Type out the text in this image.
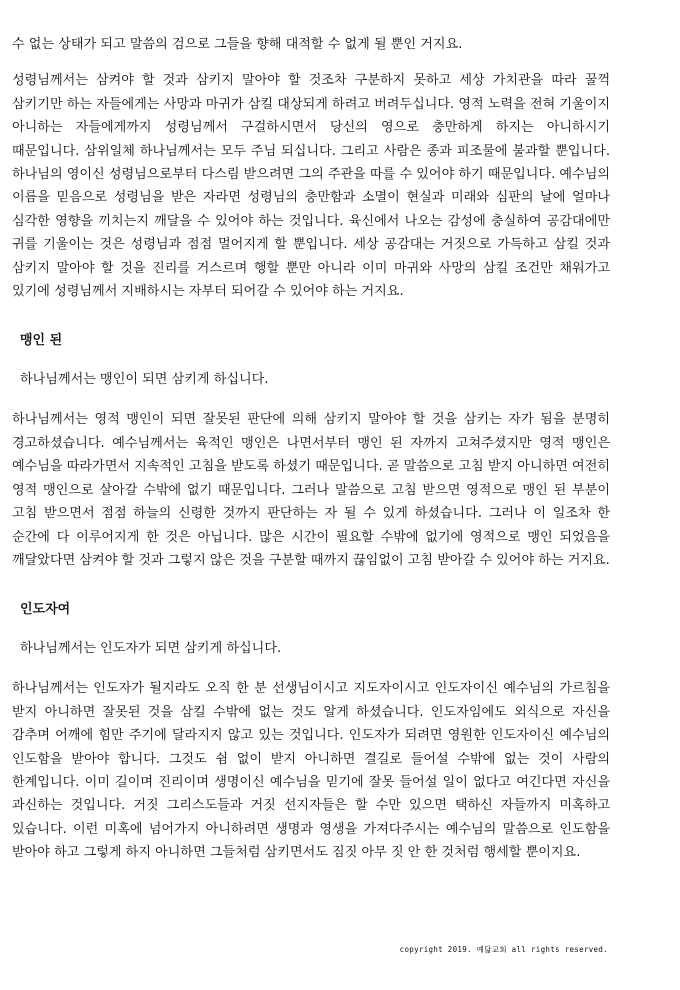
수 없는 상태가 되고 말씀의 검으로 그들을 향해 대적할 수 없게 될 뿐인 거지요.

성령님께서는 삼켜야 할 것과 삼키지 말아야 할 것조차 구분하지 못하고 세상 가치관을 따라 꿀꺽 삼키기만 하는 자들에게는 사망과 마귀가 삼킬 대상되게 하려고 버려두십니다. 영적 노력을 전혀 기울이지 아니하는 자들에게까지 성령님께서 구걸하시면서 당신의 영으로 충만하게 하지는 아니하시기 때문입니다. 삼위일체 하나님께서는 모두 주님 되십니다. 그리고 사람은 종과 피조물에 불과할 뿐입니다. 하나님의 영이신 성령님으로부터 다스림 받으려면 그의 주관을 따를 수 있어야 하기 때문입니다. 예수님의 이름을 믿음으로 성령님을 받은 자라면 성령님의 충만함과 소멸이 현실과 미래와 심판의 날에 얼마나 심각한 영향을 끼치는지 깨달을 수 있어야 하는 것입니다. 육신에서 나오는 감성에 충실하여 공감대에만 귀를 기울이는 것은 성령님과 점점 멀어지게 할 뿐입니다. 세상 공감대는 거짓으로 가득하고 삼킬 것과 삼키지 말아야 할 것을 진리를 거스르며 행할 뿐만 아니라 이미 마귀와 사망의 삼킬 조건만 채워가고 있기에 성령님께서 지배하시는 자부터 되어갈 수 있어야 하는 거지요.

맹인 된
하나님께서는 맹인이 되면 삼키게 하십니다.

하나님께서는 영적 맹인이 되면 잘못된 판단에 의해 삼키지 말아야 할 것을 삼키는 자가 됨을 분명히 경고하셨습니다. 예수님께서는 육적인 맹인은 나면서부터 맹인 된 자까지 고쳐주셨지만 영적 맹인은 예수님을 따라가면서 지속적인 고침을 받도록 하셨기 때문입니다. 곧 말씀으로 고침 받지 아니하면 여전히 영적 맹인으로 살아갈 수밖에 없기 때문입니다. 그러나 말씀으로 고침 받으면 영적으로 맹인 된 부분이 고침 받으면서 점점 하늘의 신령한 것까지 판단하는 자 될 수 있게 하셨습니다. 그러나 이 일조차 한 순간에 다 이루어지게 한 것은 아닙니다. 많은 시간이 필요할 수밖에 없기에 영적으로 맹인 되었음을 깨달았다면 삼켜야 할 것과 그렇지 않은 것을 구분할 때까지 끊임없이 고침 받아갈 수 있어야 하는 거지요.

인도자여
하나님께서는 인도자가 되면 삼키게 하십니다.

하나님께서는 인도자가 될지라도 오직 한 분 선생님이시고 지도자이시고 인도자이신 예수님의 가르침을 받지 아니하면 잘못된 것을 삼킬 수밖에 없는 것도 알게 하셨습니다. 인도자임에도 외식으로 자신을 감추며 어깨에 힘만 주기에 달라지지 않고 있는 것입니다. 인도자가 되려면 영원한 인도자이신 예수님의 인도함을 받아야 합니다. 그것도 쉼 없이 받지 아니하면 결길로 들어설 수밖에 없는 것이 사람의 한계입니다. 이미 길이며 진리이며 생명이신 예수님을 믿기에 잘못 들어설 일이 없다고 여긴다면 자신을 과신하는 것입니다. 거짓 그리스도들과 거짓 선지자들은 할 수만 있으면 택하신 자들까지 미혹하고 있습니다. 이런 미혹에 넘어가지 아니하려면 생명과 영생을 가져다주시는 예수님의 말씀으로 인도함을 받아야 하고 그렇게 하지 아니하면 그들처럼 삼키면서도 짐짓 아무 짓 안 한 것처럼 행세할 뿐이지요.

copyright 2019. 예닮교회 all rights reserved.
